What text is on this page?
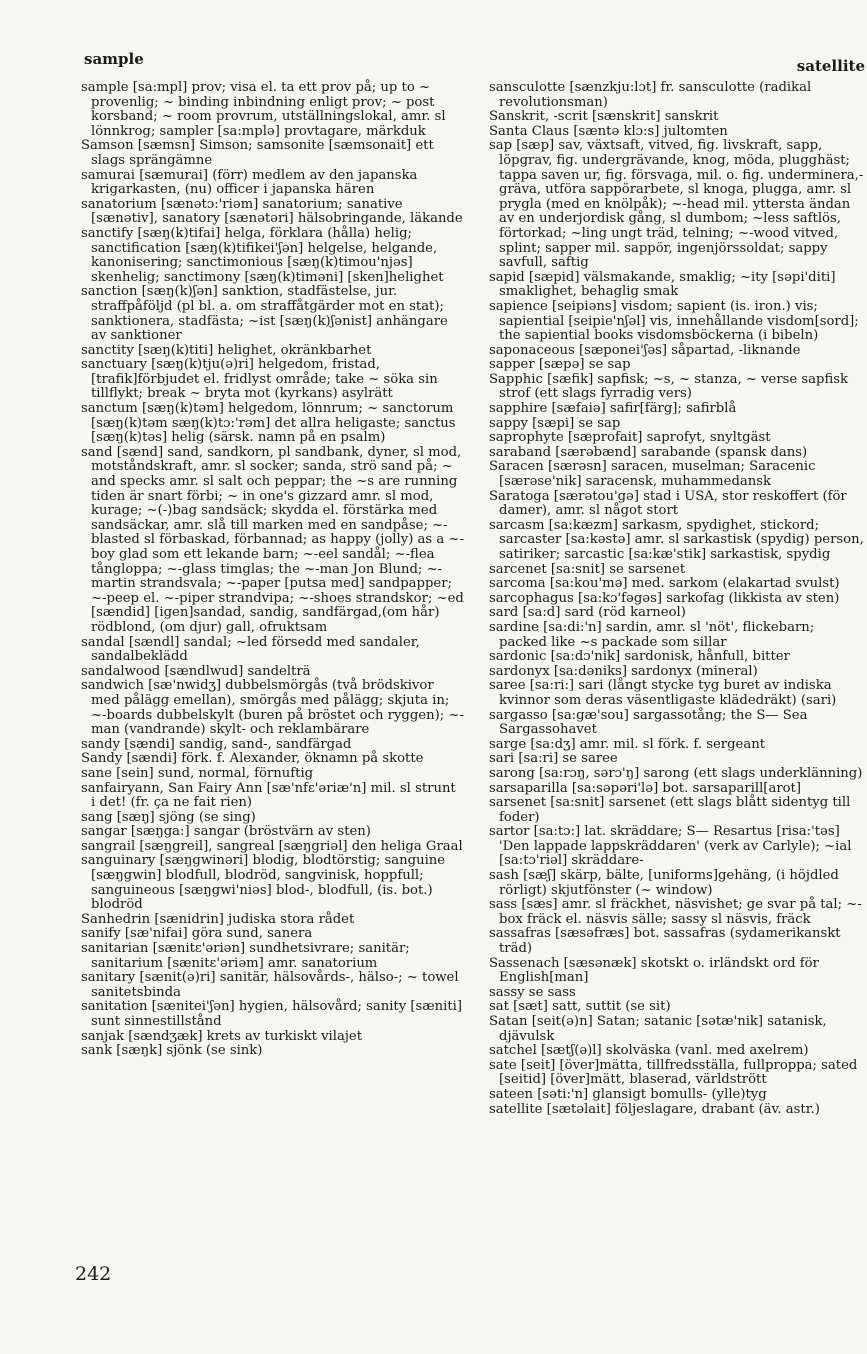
sample	satellite

sample [sa:mpl] prov; visa el. ta ett prov på; up to ~ provenlig; ~ binding inbindning enligt prov; ~ post korsband; ~ room provrum, utställningslokal, amr. sl lönnkrog; sampler [sa:mplə] provtagare, märkduk

Samson [sæmsn] Simson; samsonite [sæmsonait] ett slags sprängämne

samurai [sæmurai] (förr) medlem av den japanska krigarkasten, (nu) officer i japanska hären

sanatorium [sænətɔ:'riəm] sanatorium; sanative [sænətiv], sanatory [sænətəri] hälsobringande, läkande

sanctify [sæŋ(k)tifai] helga, förklara (hålla) helig; sanctification [sæŋ(k)tifikei'ʃən] helgelse, helgande, kanonisering; sanctimonious [sæŋ(k)timou'njəs] skenhelig; sanctimony [sæŋ(k)timəni] [sken]helighet

sanction [sæŋ(k)ʃən] sanktion, stadfästelse, jur. straffpåföljd (pl bl. a. om straffåtgärder mot en stat); sanktionera, stadfästa; ~ist [sæŋ(k)ʃənist] anhängare av sanktioner

sanctity [sæŋ(k)titi] helighet, okränkbarhet

sanctuary [sæŋ(k)tju(ə)ri] helgedom, fristad, [trafik]förbjudet el. fridlyst område; take ~ söka sin tillflykt; break ~ bryta mot (kyrkans) asylrätt

sanctum [sæŋ(k)təm] helgedom, lönnrum; ~ sanctorum [sæŋ(k)təm sæŋ(k)tɔ:'rəm] det allra heligaste; sanctus [sæŋ(k)təs] helig (särsk. namn på en psalm)

sand [sænd] sand, sandkorn, pl sandbank, dyner, sl mod, motståndskraft, amr. sl socker; sanda, strö sand på; ~ and specks amr. sl salt och peppar; the ~s are running tiden är snart förbi; ~ in one's gizzard amr. sl mod, kurage; ~(-)bag sandsäck; skydda el. förstärka med sandsäckar, amr. slå till marken med en sandpåse; ~-blasted sl förbaskad, förbannad; as happy (jolly) as a ~-boy glad som ett lekande barn; ~-eel sandål; ~-flea tångloppa; ~-glass timglas; the ~-man Jon Blund; ~-martin strandsvala; ~-paper [putsa med] sandpapper; ~-peep el. ~-piper strandvipa; ~-shoes strandskor; ~ed [sændid] [igen]sandad, sandig, sandfärgad,(om hår) rödblond, (om djur) gall, ofruktsam

sandal [sændl] sandal; ~led försedd med sandaler, sandalbeklädd

sandalwood [sændlwud] sandelträ

sandwich [sæ'nwidʒ] dubbelsmörgås (två brödskivor med pålägg emellan), smörgås med pålägg; skjuta in; ~-boards dubbelskylt (buren på bröstet och ryggen); ~-man (vandrande) skylt- och reklambärare

sandy [sændi] sandig, sand-, sandfärgad

Sandy [sændi] förk. f. Alexander, öknamn på skotte

sane [sein] sund, normal, förnuftig

sanfairyann, San Fairy Ann [sæ'nfɛ'əriæ'n] mil. sl strunt i det! (fr. ça ne fait rien)

sang [sæŋ] sjöng (se sing)

sangar [sæŋga:] sangar (bröstvärn av sten)

sangrail [sæŋgreil], sangreal [sæŋgriəl] den heliga Graal

sanguinary [sæŋgwinəri] blodig, blodtörstig; sanguine [sæŋgwin] blodfull, blodröd, sangvinisk, hoppfull; sanguineous [sæŋgwi'niəs] blod-, blodfull, (is. bot.) blodröd

Sanhedrin [sænidrin] judiska stora rådet

sanify [sæ'nifai] göra sund, sanera

sanitarian [sænitɛ'əriən] sundhetsivrare; sanitär; sanitarium [sænitɛ'əriəm] amr. sanatorium

sanitary [sænit(ə)ri] sanitär, hälsovårds-, hälso-; ~ towel sanitetsbinda

sanitation [sænitei'ʃən] hygien, hälsovård; sanity [sæniti] sunt sinnestillstånd

sanjak [sændʒæk] krets av turkiskt vilajet

sank [sæŋk] sjönk (se sink)

sansculotte [sænzkju:lɔt] fr. sansculotte (radikal revolutionsman)

Sanskrit, -scrit [sænskrit] sanskrit

Santa Claus [sæntə klɔ:s] jultomten

sap [sæp] sav, växtsaft, vitved, fig. livskraft, sapp, löpgrav, fig. undergrävande, knog, möda, plugghäst; tappa saven ur, fig. försvaga, mil. o. fig. underminera,-gräva, utföra sappörarbete, sl knoga, plugga, amr. sl prygla (med en knölpåk); ~-head mil. yttersta ändan av en underjordisk gång, sl dumbom; ~less saftlös, förtorkad; ~ling ungt träd, telning; ~-wood vitved, splint; sapper mil. sappör, ingenjörssoldat; sappy savfull, saftig

sapid [sæpid] välsmakande, smaklig; ~ity [səpi'diti] smaklighet, behaglig smak

sapience [seipiəns] visdom; sapient (is. iron.) vis; sapiential [seipie'nʃəl] vis, innehållande visdom[sord]; the sapiential books visdomsböckerna (i bibeln)

saponaceous [sæponei'ʃəs] såpartad, -liknande

sapper [sæpə] se sap

Sapphic [sæfik] sapfisk; ~s, ~ stanza, ~ verse sapfisk strof (ett slags fyrradig vers)

sapphire [sæfaiə] safir[färg]; safirblå

sappy [sæpi] se sap

saprophyte [sæprofait] saprofyt, snyltgäst

saraband [særəbænd] sarabande (spansk dans)

Saracen [særəsn] saracen, muselman; Saracenic [særəse'nik] saracensk, muhammedansk

Saratoga [særətou'gə] stad i USA, stor reskoffert (för damer), amr. sl något stort

sarcasm [sa:kæzm] sarkasm, spydighet, stickord; sarcaster [sa:kəstə] amr. sl sarkastisk (spydig) person, satiriker; sarcastic [sa:kæ'stik] sarkastisk, spydig

sarcenet [sa:snit] se sarsenet

sarcoma [sa:kou'mə] med. sarkom (elakartad svulst)

sarcophagus [sa:kɔ'fəgəs] sarkofag (likkista av sten)

sard [sa:d] sard (röd karneol)

sardine [sa:di:'n] sardin, amr. sl 'nöt', flickebarn; packed like ~s packade som sillar

sardonic [sa:dɔ'nik] sardonisk, hånfull, bitter

sardonyx [sa:dəniks] sardonyx (mineral)

saree [sa:ri:] sari (långt stycke tyg buret av indiska kvinnor som deras väsentligaste klädedräkt) (sari)

sargasso [sa:gæ'sou] sargassotång; the S— Sea Sargassohavet

sarge [sa:dʒ] amr. mil. sl förk. f. sergeant

sari [sa:ri] se saree

sarong [sa:rɔŋ, sərɔ'ŋ] sarong (ett slags underklänning)

sarsaparilla [sa:səpəri'lə] bot. sarsaparill[arot]

sarsenet [sa:snit] sarsenet (ett slags blått sidentyg till foder)

sartor [sa:tɔ:] lat. skräddare; S— Resartus [risa:'təs] 'Den lappade lappskräddaren' (verk av Carlyle); ~ial [sa:tɔ'riəl] skräddare-

sash [sæʃ] skärp, bälte, [uniforms]gehäng, (i höjdled rörligt) skjutfönster (~ window)

sass [sæs] amr. sl fräckhet, näsvishet; ge svar på tal; ~-box fräck el. näsvis sälle; sassy sl näsvis, fräck

sassafras [sæsəfræs] bot. sassafras (sydamerikanskt träd)

Sassenach [sæsənæk] skotskt o. irländskt ord för English[man]

sassy se sass

sat [sæt] satt, suttit (se sit)

Satan [seit(ə)n] Satan; satanic [sətæ'nik] satanisk, djävulsk

satchel [sætʃ(ə)l] skolväska (vanl. med axelrem)

sate [seit] [över]mätta, tillfredsställa, fullproppa; sated [seitid] [över]mätt, blaserad, världstrött

sateen [səti:'n] glansigt bomulls- (ylle)tyg

satellite [sætəlait] följeslagare, drabant (äv. astr.)

242
